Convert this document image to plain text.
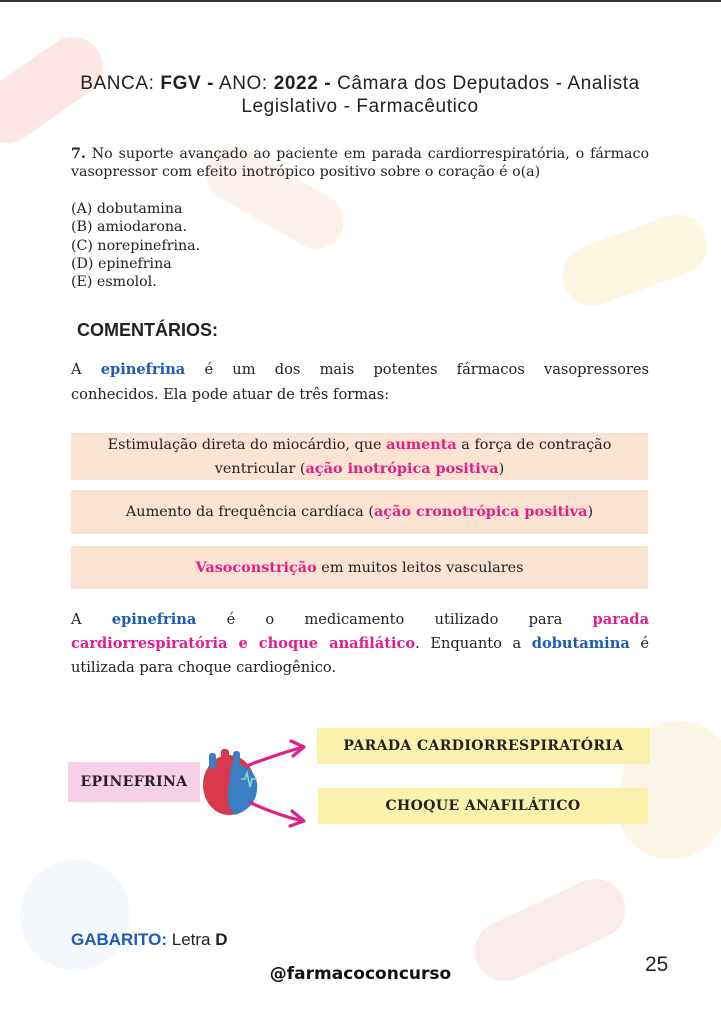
BANCA: FGV - ANO: 2022 - Câmara dos Deputados - Analista Legislativo - Farmacêutico
7. No suporte avançado ao paciente em parada cardiorrespiratória, o fármaco vasopressor com efeito inotrópico positivo sobre o coração é o(a)
(A) dobutamina
(B) amiodarona.
(C) norepinefrina.
(D) epinefrina
(E) esmolol.
COMENTÁRIOS:
A epinefrina é um dos mais potentes fármacos vasopressores
conhecidos. Ela pode atuar de três formas:
Estimulação direta do miocárdio, que aumenta a força de contração ventricular (ação inotrópica positiva)
Aumento da frequência cardíaca (ação cronotrópica positiva)
Vasoconstrição em muitos leitos vasculares
A epinefrina é o medicamento utilizado para parada
cardiorrespiratória e choque anafilático. Enquanto a dobutamina é
utilizada para choque cardiogênico.
EPINEFRINA
PARADA CARDIORRESPIRATÓRIA
CHOQUE ANAFILÁTICO
GABARITO: Letra D
25
@farmacoconcurso
